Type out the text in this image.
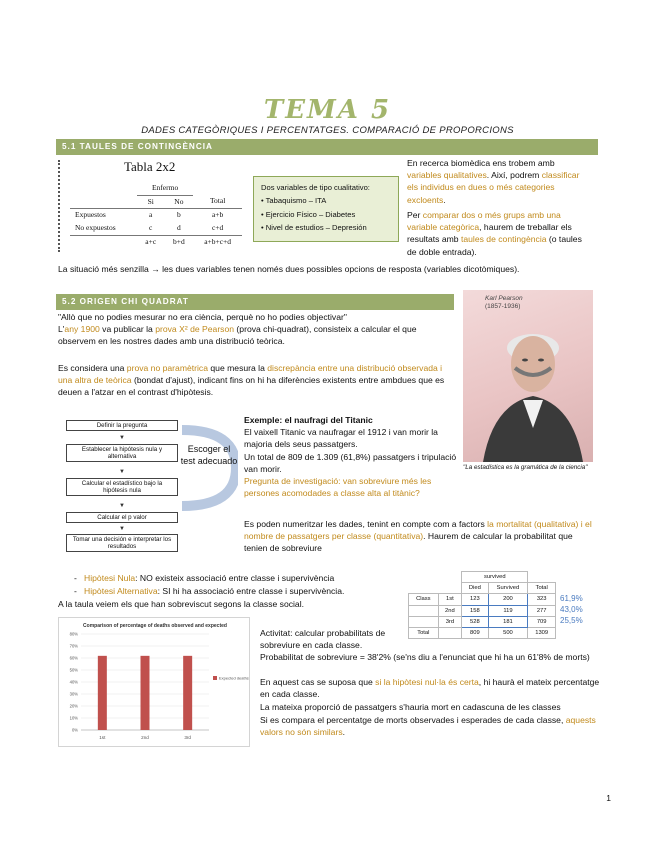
TEMA 5
DADES CATEGÒRIQUES I PERCENTATGES. COMPARACIÓ DE PROPORCIONS
5.1 TAULES DE CONTINGÈNCIA
Tabla 2x2
	Enfermo		
	Si	No	Total
Expuestos	a	b	a+b
No expuestos	c	d	c+d
	a+c	b+d	a+b+c+d
Dos variables de tipo cualitativo:
• Tabaquismo – ITA
• Ejercicio Físico – Diabetes
• Nivel de estudios – Depresión
En recerca biomèdica ens trobem amb variables qualitatives. Així, podrem classificar els individus en dues o més categories excloents.
Per comparar dos o més grups amb una variable categòrica, haurem de treballar els resultats amb taules de contingència (o taules de doble entrada).
La situació més senzilla → les dues variables tenen només dues possibles opcions de resposta (variables dicotòmiques).
5.2 ORIGEN CHI QUADRAT
"Allò que no podies mesurar no era ciència, perquè no ho podies objectivar"
L'any 1900 va publicar la prova X² de Pearson (prova chi-quadrat), consisteix a calcular el que observem en les nostres dades amb una distribució teòrica.
Es considera una prova no paramètrica que mesura la discrepància entre una distribució observada i una altra de teòrica (bondat d'ajust), indicant fins on hi ha diferències existents entre ambdues que es deuen a l'atzar en el contrast d'hipòtesis.
Karl Pearson
(1857-1936)
"La estadística es la gramática de la ciencia"
Definir la pregunta
▼
Establecer la hipótesis nula y alternativa
▼
Calcular el estadístico bajo la hipótesis nula
▼
Calcular el p valor
▼
Tomar una decisión e interpretar los resultados
Escoger el test adecuado
Exemple: el naufragi del Titanic
El vaixell Titanic va naufragar el 1912 i van morir la majoria dels seus passatgers.
Un total de 809 de 1.309 (61,8%) passatgers i tripulació van morir.
Pregunta de investigació: van sobreviure més les persones acomodades a classe alta al titànic?
Es poden numeritzar les dades, tenint en compte com a factors la mortalitat (qualitativa) i el nombre de passatgers per classe (quantitativa). Haurem de calcular la probabilitat que tenien de sobreviure
-   Hipòtesi Nula: NO existeix associació entre classe i supervivència
-   Hipòtesi Alternativa: SI hi ha associació entre classe i supervivència.
A la taula veiem els que han sobreviscut segons la classe social.
		survived		
		Died	Survived	Total
Class	1st	123	200	323
	2nd	158	119	277
	3rd	528	181	709
Total		809	500	1309
61,9%
43,0%
25,5%
Comparison of percentage of deaths observed and expected
0%
10%
20%
30%
40%
50%
60%
70%
80%
1st	2nd	3rd
Expected deaths
Activitat: calcular probabilitats de sobreviure en cada classe.
Probabilitat de sobreviure = 38'2% (se'ns diu a l'enunciat que hi ha un 61'8% de morts)
En aquest cas se suposa que si la hipòtesi nul·la és certa, hi haurà el mateix percentatge en cada classe.
La mateixa proporció de passatgers s'hauria mort en cadascuna de les classes
Si es compara el percentatge de morts observades i esperades de cada classe, aquests valors no són similars.
1
